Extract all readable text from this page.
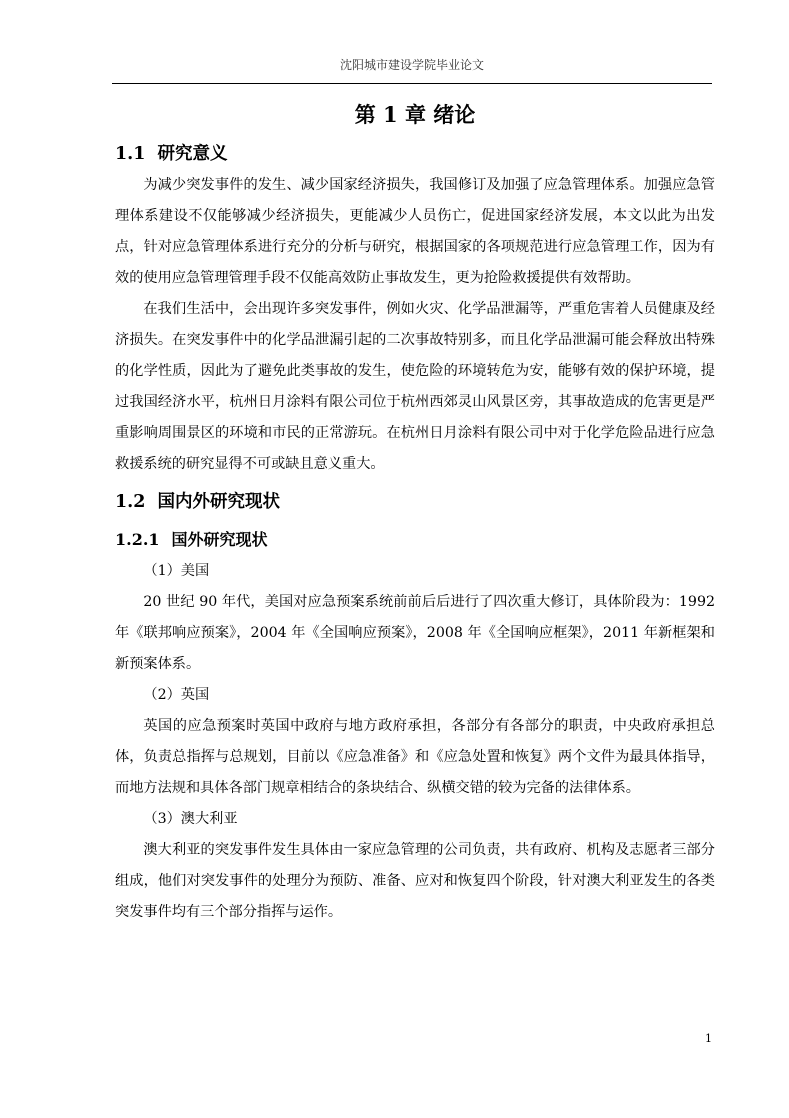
沈阳城市建设学院毕业论文
第 1 章 绪论
1.1 研究意义

为减少突发事件的发生、减少国家经济损失，我国修订及加强了应急管理体系。加强应急管理体系建设不仅能够减少经济损失，更能减少人员伤亡，促进国家经济发展，本文以此为出发点，针对应急管理体系进行充分的分析与研究，根据国家的各项规范进行应急管理工作，因为有效的使用应急管理管理手段不仅能高效防止事故发生，更为抢险救援提供有效帮助。

在我们生活中，会出现许多突发事件，例如火灾、化学品泄漏等，严重危害着人员健康及经济损失。在突发事件中的化学品泄漏引起的二次事故特别多，而且化学品泄漏可能会释放出特殊的化学性质，因此为了避免此类事故的发生，使危险的环境转危为安，能够有效的保护环境，提过我国经济水平，杭州日月涂料有限公司位于杭州西郊灵山风景区旁，其事故造成的危害更是严重影响周围景区的环境和市民的正常游玩。在杭州日月涂料有限公司中对于化学危险品进行应急救援系统的研究显得不可或缺且意义重大。

1.2 国内外研究现状
1.2.1 国外研究现状

（1）美国

20 世纪 90 年代，美国对应急预案系统前前后后进行了四次重大修订，具体阶段为：1992 年《联邦响应预案》，2004 年《全国响应预案》，2008 年《全国响应框架》，2011 年新框架和新预案体系。

（2）英国

英国的应急预案时英国中政府与地方政府承担，各部分有各部分的职责，中央政府承担总体，负责总指挥与总规划，目前以《应急准备》和《应急处置和恢复》两个文件为最具体指导，而地方法规和具体各部门规章相结合的条块结合、纵横交错的较为完备的法律体系。

（3）澳大利亚

澳大利亚的突发事件发生具体由一家应急管理的公司负责，共有政府、机构及志愿者三部分组成，他们对突发事件的处理分为预防、准备、应对和恢复四个阶段，针对澳大利亚发生的各类突发事件均有三个部分指挥与运作。

1
